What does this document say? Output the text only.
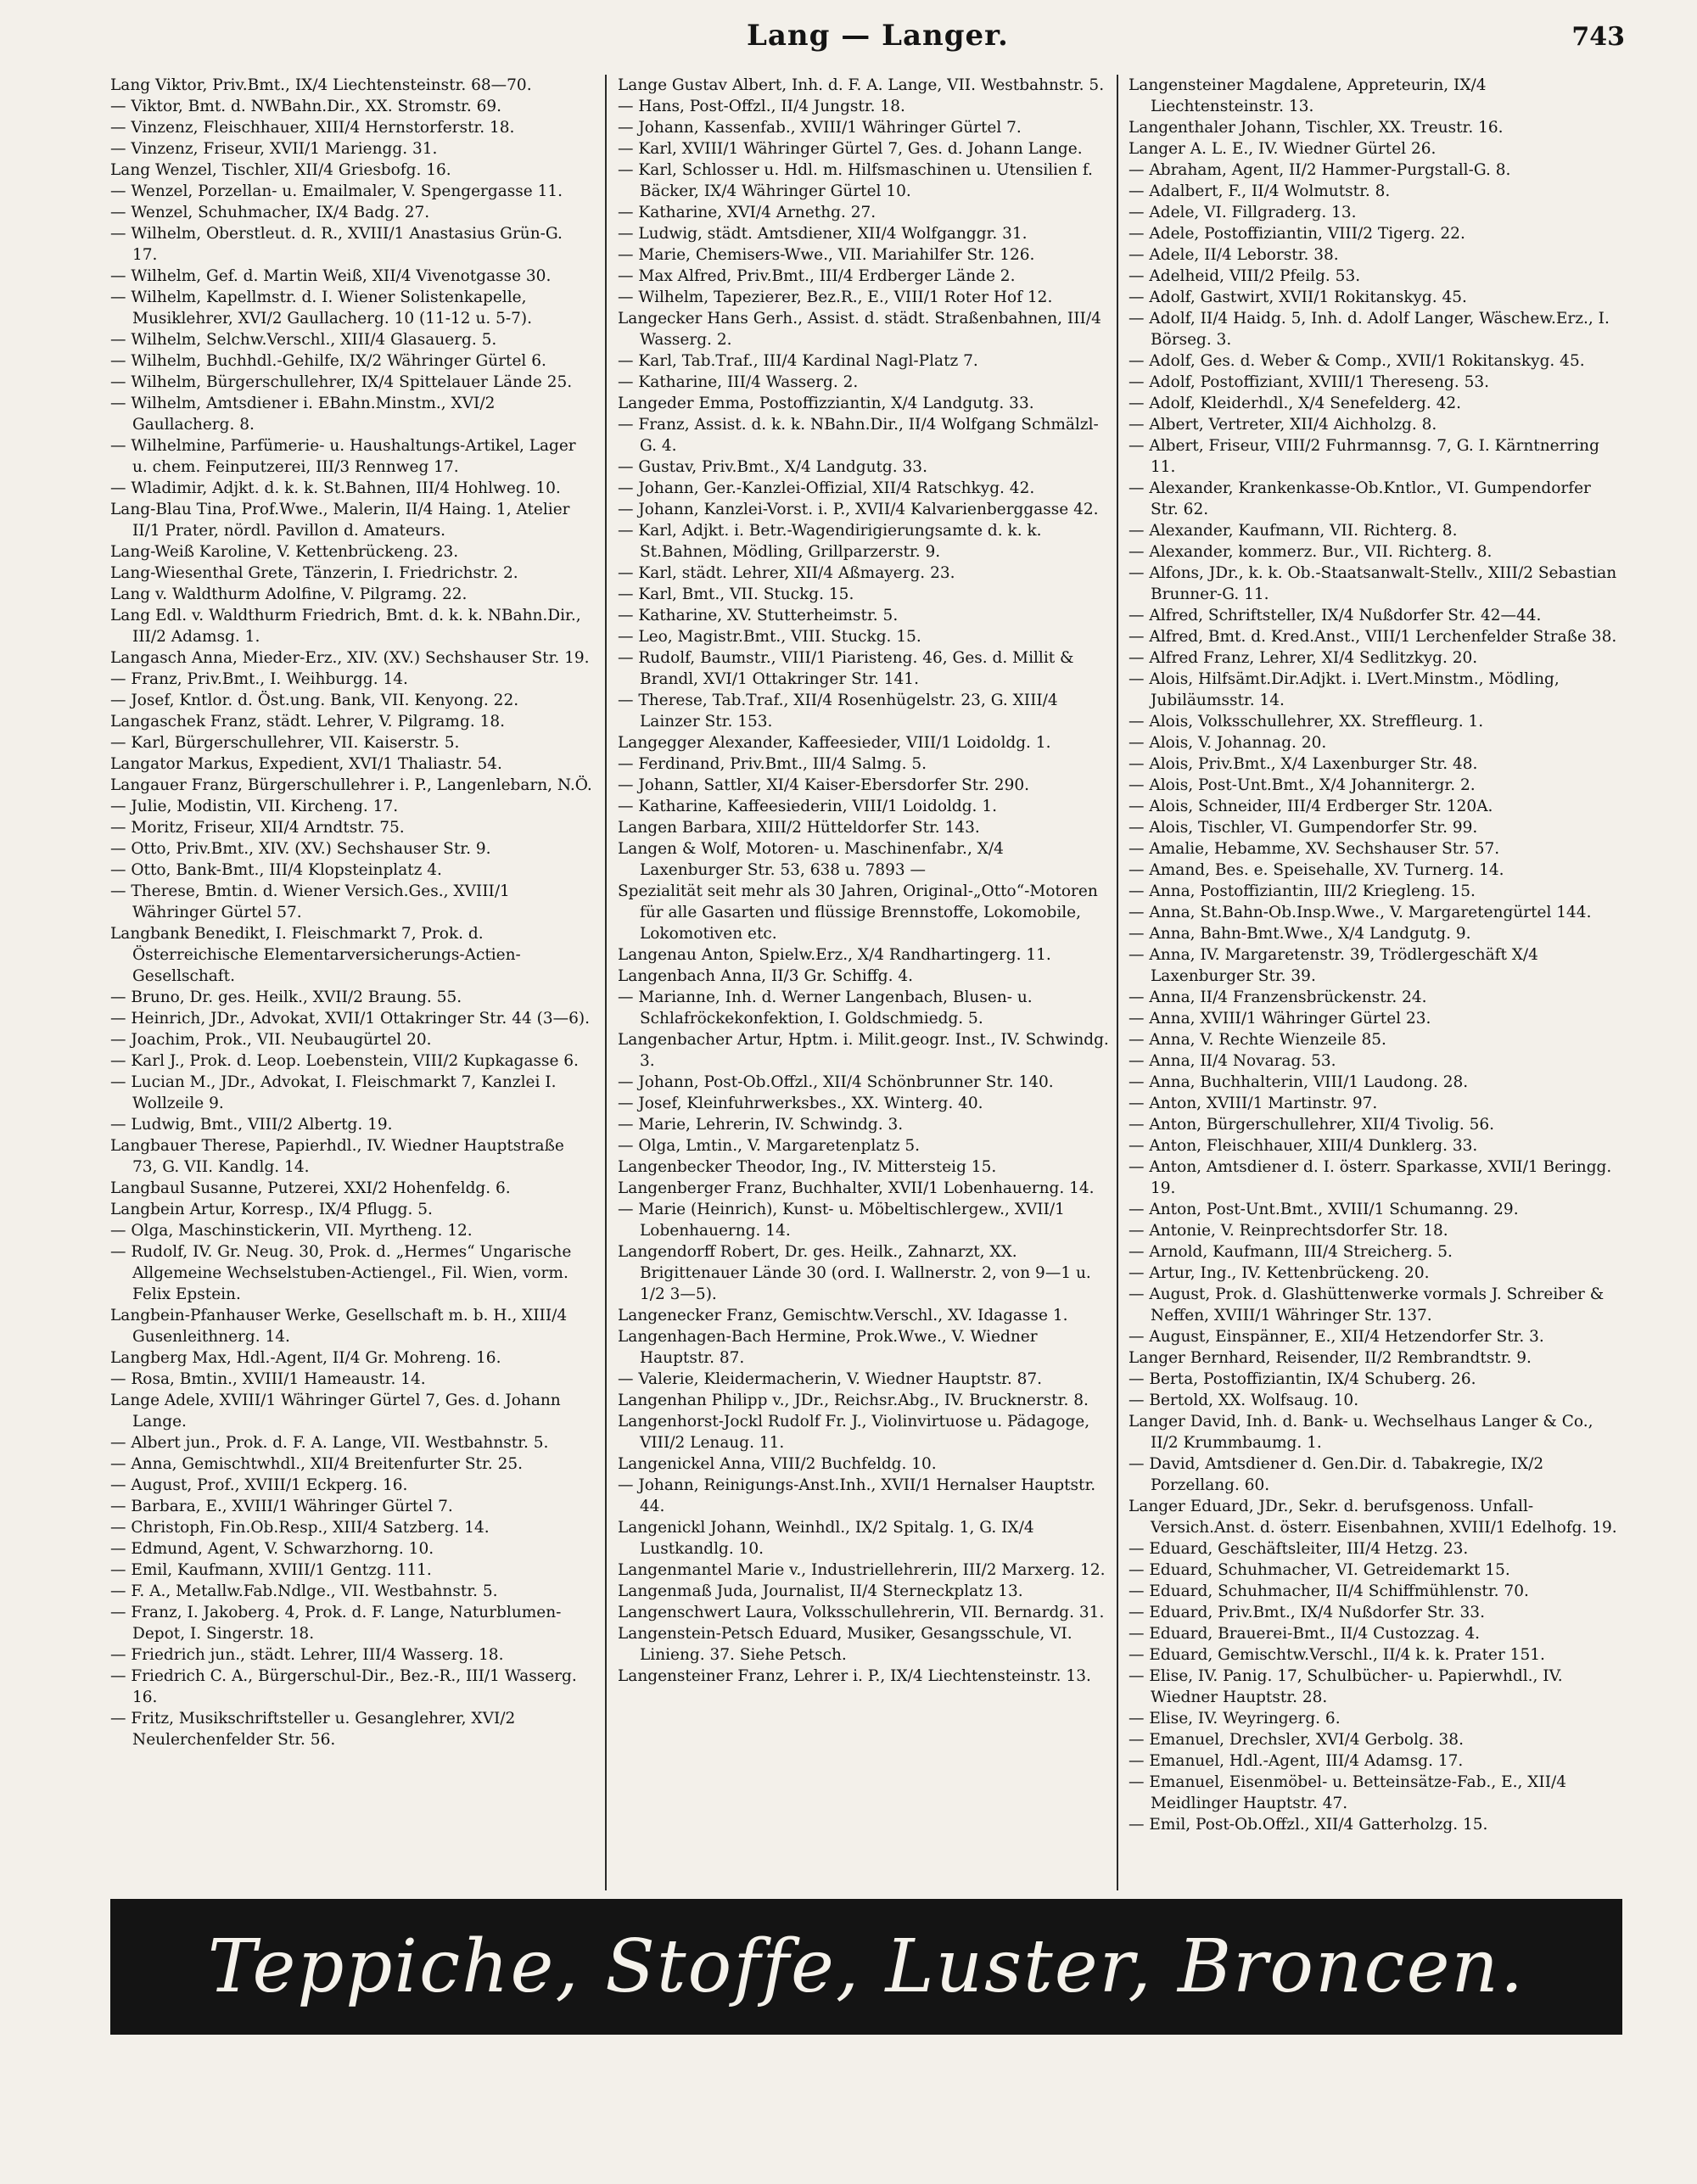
Lang — Langer.	743

Lang Viktor, Priv.Bmt., IX/4 Liechtensteinstr. 68—70.

— Viktor, Bmt. d. NWBahn.Dir., XX. Stromstr. 69.

— Vinzenz, Fleischhauer, XIII/4 Hernstorferstr. 18.

— Vinzenz, Friseur, XVII/1 Mariengg. 31.

Lang Wenzel, Tischler, XII/4 Griesbofg. 16.

— Wenzel, Porzellan- u. Emailmaler, V. Spengergasse 11.

— Wenzel, Schuhmacher, IX/4 Badg. 27.

— Wilhelm, Oberstleut. d. R., XVIII/1 Anastasius Grün-G. 17.

— Wilhelm, Gef. d. Martin Weiß, XII/4 Vivenotgasse 30.

— Wilhelm, Kapellmstr. d. I. Wiener Solistenkapelle, Musiklehrer, XVI/2 Gaullacherg. 10 (11-12 u. 5-7).

— Wilhelm, Selchw.Verschl., XIII/4 Glasauerg. 5.

— Wilhelm, Buchhdl.-Gehilfe, IX/2 Währinger Gürtel 6.

— Wilhelm, Bürgerschullehrer, IX/4 Spittelauer Lände 25.

— Wilhelm, Amtsdiener i. EBahn.Minstm., XVI/2 Gaullacherg. 8.

— Wilhelmine, Parfümerie- u. Haushaltungs-Artikel, Lager u. chem. Feinputzerei, III/3 Rennweg 17.

— Wladimir, Adjkt. d. k. k. St.Bahnen, III/4 Hohlweg. 10.

Lang-Blau Tina, Prof.Wwe., Malerin, II/4 Haing. 1, Atelier II/1 Prater, nördl. Pavillon d. Amateurs.

Lang-Weiß Karoline, V. Kettenbrückeng. 23.

Lang-Wiesenthal Grete, Tänzerin, I. Friedrichstr. 2.

Lang v. Waldthurm Adolfine, V. Pilgramg. 22.

Lang Edl. v. Waldthurm Friedrich, Bmt. d. k. k. NBahn.Dir., III/2 Adamsg. 1.

Langasch Anna, Mieder-Erz., XIV. (XV.) Sechshauser Str. 19.

— Franz, Priv.Bmt., I. Weihburgg. 14.

— Josef, Kntlor. d. Öst.ung. Bank, VII. Kenyong. 22.

Langaschek Franz, städt. Lehrer, V. Pilgramg. 18.

— Karl, Bürgerschullehrer, VII. Kaiserstr. 5.

Langator Markus, Expedient, XVI/1 Thaliastr. 54.

Langauer Franz, Bürgerschullehrer i. P., Langenlebarn, N.Ö.

— Julie, Modistin, VII. Kircheng. 17.

— Moritz, Friseur, XII/4 Arndtstr. 75.

— Otto, Priv.Bmt., XIV. (XV.) Sechshauser Str. 9.

— Otto, Bank-Bmt., III/4 Klopsteinplatz 4.

— Therese, Bmtin. d. Wiener Versich.Ges., XVIII/1 Währinger Gürtel 57.

Langbank Benedikt, I. Fleischmarkt 7, Prok. d. Österreichische Elementarversicherungs-Actien-Gesellschaft.

— Bruno, Dr. ges. Heilk., XVII/2 Braung. 55.

— Heinrich, JDr., Advokat, XVII/1 Ottakringer Str. 44 (3—6).

— Joachim, Prok., VII. Neubaugürtel 20.

— Karl J., Prok. d. Leop. Loebenstein, VIII/2 Kupkagasse 6.

— Lucian M., JDr., Advokat, I. Fleischmarkt 7, Kanzlei I. Wollzeile 9.

— Ludwig, Bmt., VIII/2 Albertg. 19.

Langbauer Therese, Papierhdl., IV. Wiedner Hauptstraße 73, G. VII. Kandlg. 14.

Langbaul Susanne, Putzerei, XXI/2 Hohenfeldg. 6.

Langbein Artur, Korresp., IX/4 Pflugg. 5.

— Olga, Maschinstickerin, VII. Myrtheng. 12.

— Rudolf, IV. Gr. Neug. 30, Prok. d. „Hermes“ Ungarische Allgemeine Wechselstuben-Actiengel., Fil. Wien, vorm. Felix Epstein.

Langbein-Pfanhauser Werke, Gesellschaft m. b. H., XIII/4 Gusenleithnerg. 14.

Langberg Max, Hdl.-Agent, II/4 Gr. Mohreng. 16.

— Rosa, Bmtin., XVIII/1 Hameaustr. 14.

Lange Adele, XVIII/1 Währinger Gürtel 7, Ges. d. Johann Lange.

— Albert jun., Prok. d. F. A. Lange, VII. Westbahnstr. 5.

— Anna, Gemischtwhdl., XII/4 Breitenfurter Str. 25.

— August, Prof., XVIII/1 Eckperg. 16.

— Barbara, E., XVIII/1 Währinger Gürtel 7.

— Christoph, Fin.Ob.Resp., XIII/4 Satzberg. 14.

— Edmund, Agent, V. Schwarzhorng. 10.

— Emil, Kaufmann, XVIII/1 Gentzg. 111.

— F. A., Metallw.Fab.Ndlge., VII. Westbahnstr. 5.

— Franz, I. Jakoberg. 4, Prok. d. F. Lange, Naturblumen-Depot, I. Singerstr. 18.

— Friedrich jun., städt. Lehrer, III/4 Wasserg. 18.

— Friedrich C. A., Bürgerschul-Dir., Bez.-R., III/1 Wasserg. 16.

— Fritz, Musikschriftsteller u. Gesanglehrer, XVI/2 Neulerchenfelder Str. 56.

Lange Gustav Albert, Inh. d. F. A. Lange, VII. Westbahnstr. 5.

— Hans, Post-Offzl., II/4 Jungstr. 18.

— Johann, Kassenfab., XVIII/1 Währinger Gürtel 7.

— Karl, XVIII/1 Währinger Gürtel 7, Ges. d. Johann Lange.

— Karl, Schlosser u. Hdl. m. Hilfsmaschinen u. Utensilien f. Bäcker, IX/4 Währinger Gürtel 10.

— Katharine, XVI/4 Arnethg. 27.

— Ludwig, städt. Amtsdiener, XII/4 Wolfganggr. 31.

— Marie, Chemisers-Wwe., VII. Mariahilfer Str. 126.

— Max Alfred, Priv.Bmt., III/4 Erdberger Lände 2.

— Wilhelm, Tapezierer, Bez.R., E., VIII/1 Roter Hof 12.

Langecker Hans Gerh., Assist. d. städt. Straßenbahnen, III/4 Wasserg. 2.

— Karl, Tab.Traf., III/4 Kardinal Nagl-Platz 7.

— Katharine, III/4 Wasserg. 2.

Langeder Emma, Postoffizziantin, X/4 Landgutg. 33.

— Franz, Assist. d. k. k. NBahn.Dir., II/4 Wolfgang Schmälzl-G. 4.

— Gustav, Priv.Bmt., X/4 Landgutg. 33.

— Johann, Ger.-Kanzlei-Offizial, XII/4 Ratschkyg. 42.

— Johann, Kanzlei-Vorst. i. P., XVII/4 Kalvarienberggasse 42.

— Karl, Adjkt. i. Betr.-Wagendirigierungsamte d. k. k. St.Bahnen, Mödling, Grillparzerstr. 9.

— Karl, städt. Lehrer, XII/4 Aßmayerg. 23.

— Karl, Bmt., VII. Stuckg. 15.

— Katharine, XV. Stutterheimstr. 5.

— Leo, Magistr.Bmt., VIII. Stuckg. 15.

— Rudolf, Baumstr., VIII/1 Piaristeng. 46, Ges. d. Millit & Brandl, XVI/1 Ottakringer Str. 141.

— Therese, Tab.Traf., XII/4 Rosenhügelstr. 23, G. XIII/4 Lainzer Str. 153.

Langegger Alexander, Kaffeesieder, VIII/1 Loidoldg. 1.

— Ferdinand, Priv.Bmt., III/4 Salmg. 5.

— Johann, Sattler, XI/4 Kaiser-Ebersdorfer Str. 290.

— Katharine, Kaffeesiederin, VIII/1 Loidoldg. 1.

Langen Barbara, XIII/2 Hütteldorfer Str. 143.

Langen & Wolf, Motoren- u. Maschinenfabr., X/4 Laxenburger Str. 53, 638 u. 7893 —

Spezialität seit mehr als 30 Jahren, Original-„Otto“-Motoren für alle Gasarten und flüssige Brennstoffe, Lokomobile, Lokomotiven etc.

Langenau Anton, Spielw.Erz., X/4 Randhartingerg. 11.

Langenbach Anna, II/3 Gr. Schiffg. 4.

— Marianne, Inh. d. Werner Langenbach, Blusen- u. Schlafröckekonfektion, I. Goldschmiedg. 5.

Langenbacher Artur, Hptm. i. Milit.geogr. Inst., IV. Schwindg. 3.

— Johann, Post-Ob.Offzl., XII/4 Schönbrunner Str. 140.

— Josef, Kleinfuhrwerksbes., XX. Winterg. 40.

— Marie, Lehrerin, IV. Schwindg. 3.

— Olga, Lmtin., V. Margaretenplatz 5.

Langenbecker Theodor, Ing., IV. Mittersteig 15.

Langenberger Franz, Buchhalter, XVII/1 Lobenhauerng. 14.

— Marie (Heinrich), Kunst- u. Möbeltischlergew., XVII/1 Lobenhauerng. 14.

Langendorff Robert, Dr. ges. Heilk., Zahnarzt, XX. Brigittenauer Lände 30 (ord. I. Wallnerstr. 2, von 9—1 u. 1/2 3—5).

Langenecker Franz, Gemischtw.Verschl., XV. Idagasse 1.

Langenhagen-Bach Hermine, Prok.Wwe., V. Wiedner Hauptstr. 87.

— Valerie, Kleidermacherin, V. Wiedner Hauptstr. 87.

Langenhan Philipp v., JDr., Reichsr.Abg., IV. Brucknerstr. 8.

Langenhorst-Jockl Rudolf Fr. J., Violinvirtuose u. Pädagoge, VIII/2 Lenaug. 11.

Langenickel Anna, VIII/2 Buchfeldg. 10.

— Johann, Reinigungs-Anst.Inh., XVII/1 Hernalser Hauptstr. 44.

Langenickl Johann, Weinhdl., IX/2 Spitalg. 1, G. IX/4 Lustkandlg. 10.

Langenmantel Marie v., Industriellehrerin, III/2 Marxerg. 12.

Langenmaß Juda, Journalist, II/4 Sterneckplatz 13.

Langenschwert Laura, Volksschullehrerin, VII. Bernardg. 31.

Langenstein-Petsch Eduard, Musiker, Gesangsschule, VI. Linieng. 37. Siehe Petsch.

Langensteiner Franz, Lehrer i. P., IX/4 Liechtensteinstr. 13.

Langensteiner Magdalene, Appreteurin, IX/4 Liechtensteinstr. 13.

Langenthaler Johann, Tischler, XX. Treustr. 16.

Langer A. L. E., IV. Wiedner Gürtel 26.

— Abraham, Agent, II/2 Hammer-Purgstall-G. 8.

— Adalbert, F., II/4 Wolmutstr. 8.

— Adele, VI. Fillgraderg. 13.

— Adele, Postoffiziantin, VIII/2 Tigerg. 22.

— Adele, II/4 Leborstr. 38.

— Adelheid, VIII/2 Pfeilg. 53.

— Adolf, Gastwirt, XVII/1 Rokitanskyg. 45.

— Adolf, II/4 Haidg. 5, Inh. d. Adolf Langer, Wäschew.Erz., I. Börseg. 3.

— Adolf, Ges. d. Weber & Comp., XVII/1 Rokitanskyg. 45.

— Adolf, Postoffiziant, XVIII/1 Thereseng. 53.

— Adolf, Kleiderhdl., X/4 Senefelderg. 42.

— Albert, Vertreter, XII/4 Aichholzg. 8.

— Albert, Friseur, VIII/2 Fuhrmannsg. 7, G. I. Kärntnerring 11.

— Alexander, Krankenkasse-Ob.Kntlor., VI. Gumpendorfer Str. 62.

— Alexander, Kaufmann, VII. Richterg. 8.

— Alexander, kommerz. Bur., VII. Richterg. 8.

— Alfons, JDr., k. k. Ob.-Staatsanwalt-Stellv., XIII/2 Sebastian Brunner-G. 11.

— Alfred, Schriftsteller, IX/4 Nußdorfer Str. 42—44.

— Alfred, Bmt. d. Kred.Anst., VIII/1 Lerchenfelder Straße 38.

— Alfred Franz, Lehrer, XI/4 Sedlitzkyg. 20.

— Alois, Hilfsämt.Dir.Adjkt. i. LVert.Minstm., Mödling, Jubiläumsstr. 14.

— Alois, Volksschullehrer, XX. Streffleurg. 1.

— Alois, V. Johannag. 20.

— Alois, Priv.Bmt., X/4 Laxenburger Str. 48.

— Alois, Post-Unt.Bmt., X/4 Johannitergr. 2.

— Alois, Schneider, III/4 Erdberger Str. 120A.

— Alois, Tischler, VI. Gumpendorfer Str. 99.

— Amalie, Hebamme, XV. Sechshauser Str. 57.

— Amand, Bes. e. Speisehalle, XV. Turnerg. 14.

— Anna, Postoffiziantin, III/2 Kriegleng. 15.

— Anna, St.Bahn-Ob.Insp.Wwe., V. Margaretengürtel 144.

— Anna, Bahn-Bmt.Wwe., X/4 Landgutg. 9.

— Anna, IV. Margaretenstr. 39, Trödlergeschäft X/4 Laxenburger Str. 39.

— Anna, II/4 Franzensbrückenstr. 24.

— Anna, XVIII/1 Währinger Gürtel 23.

— Anna, V. Rechte Wienzeile 85.

— Anna, II/4 Novarag. 53.

— Anna, Buchhalterin, VIII/1 Laudong. 28.

— Anton, XVIII/1 Martinstr. 97.

— Anton, Bürgerschullehrer, XII/4 Tivolig. 56.

— Anton, Fleischhauer, XIII/4 Dunklerg. 33.

— Anton, Amtsdiener d. I. österr. Sparkasse, XVII/1 Beringg. 19.

— Anton, Post-Unt.Bmt., XVIII/1 Schumanng. 29.

— Antonie, V. Reinprechtsdorfer Str. 18.

— Arnold, Kaufmann, III/4 Streicherg. 5.

— Artur, Ing., IV. Kettenbrückeng. 20.

— August, Prok. d. Glashüttenwerke vormals J. Schreiber & Neffen, XVIII/1 Währinger Str. 137.

— August, Einspänner, E., XII/4 Hetzendorfer Str. 3.

Langer Bernhard, Reisender, II/2 Rembrandtstr. 9.

— Berta, Postoffiziantin, IX/4 Schuberg. 26.

— Bertold, XX. Wolfsaug. 10.

Langer David, Inh. d. Bank- u. Wechselhaus Langer & Co., II/2 Krummbaumg. 1.

— David, Amtsdiener d. Gen.Dir. d. Tabakregie, IX/2 Porzellang. 60.

Langer Eduard, JDr., Sekr. d. berufsgenoss. Unfall-Versich.Anst. d. österr. Eisenbahnen, XVIII/1 Edelhofg. 19.

— Eduard, Geschäftsleiter, III/4 Hetzg. 23.

— Eduard, Schuhmacher, VI. Getreidemarkt 15.

— Eduard, Schuhmacher, II/4 Schiffmühlenstr. 70.

— Eduard, Priv.Bmt., IX/4 Nußdorfer Str. 33.

— Eduard, Brauerei-Bmt., II/4 Custozzag. 4.

— Eduard, Gemischtw.Verschl., II/4 k. k. Prater 151.

— Elise, IV. Panig. 17, Schulbücher- u. Papierwhdl., IV. Wiedner Hauptstr. 28.

— Elise, IV. Weyringerg. 6.

— Emanuel, Drechsler, XVI/4 Gerbolg. 38.

— Emanuel, Hdl.-Agent, III/4 Adamsg. 17.

— Emanuel, Eisenmöbel- u. Betteinsätze-Fab., E., XII/4 Meidlinger Hauptstr. 47.

— Emil, Post-Ob.Offzl., XII/4 Gatterholzg. 15.

Teppiche, Stoffe, Luster, Broncen.
